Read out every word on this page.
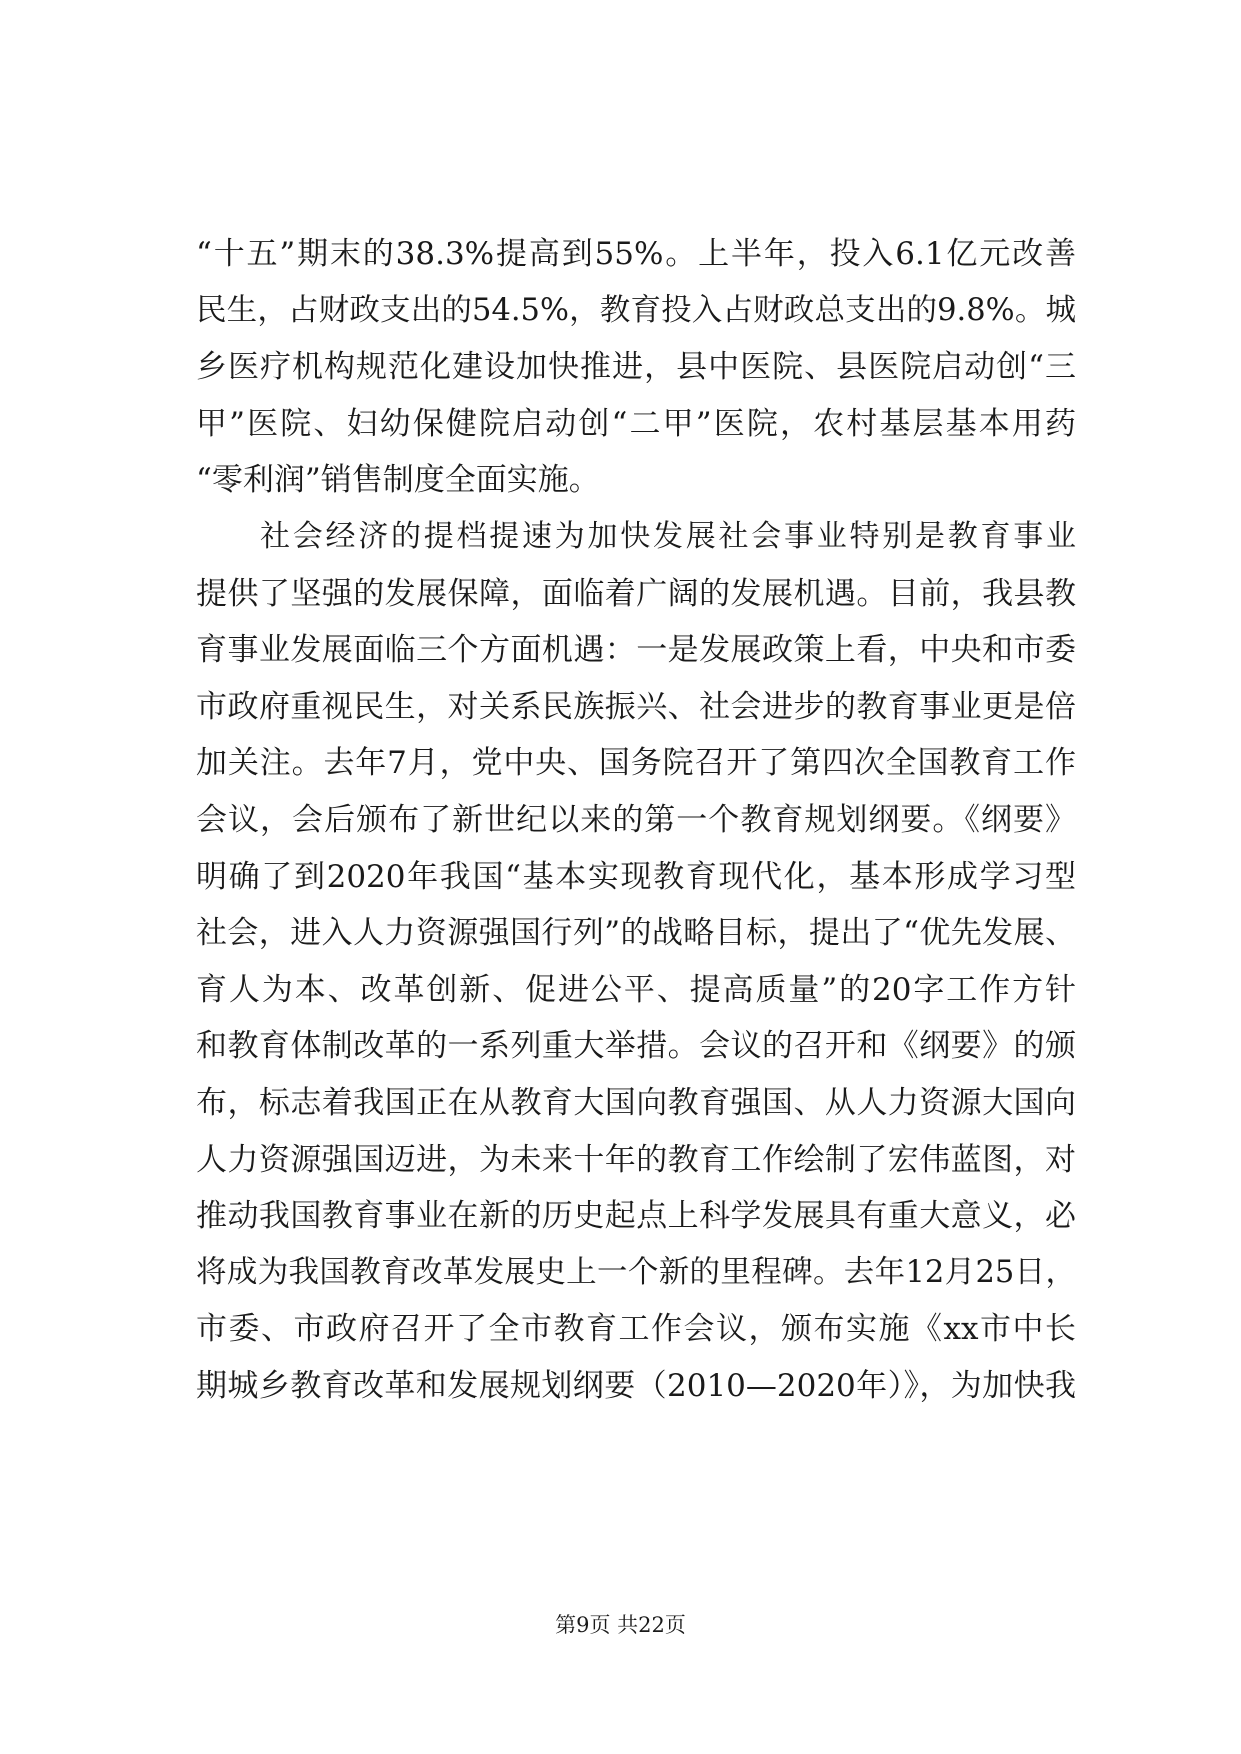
“十五”期末的38.3%提高到55%。上半年，投入6.1亿元改善
民生，占财政支出的54.5%，教育投入占财政总支出的9.8%。城
乡医疗机构规范化建设加快推进，县中医院、县医院启动创“三
甲”医院、妇幼保健院启动创“二甲”医院，农村基层基本用药
“零利润”销售制度全面实施。
社会经济的提档提速为加快发展社会事业特别是教育事业
提供了坚强的发展保障，面临着广阔的发展机遇。目前，我县教
育事业发展面临三个方面机遇：一是发展政策上看，中央和市委
市政府重视民生，对关系民族振兴、社会进步的教育事业更是倍
加关注。去年7月，党中央、国务院召开了第四次全国教育工作
会议，会后颁布了新世纪以来的第一个教育规划纲要。《纲要》
明确了到2020年我国“基本实现教育现代化，基本形成学习型
社会，进入人力资源强国行列”的战略目标，提出了“优先发展、
育人为本、改革创新、促进公平、提高质量”的20字工作方针
和教育体制改革的一系列重大举措。会议的召开和《纲要》的颁
布，标志着我国正在从教育大国向教育强国、从人力资源大国向
人力资源强国迈进，为未来十年的教育工作绘制了宏伟蓝图，对
推动我国教育事业在新的历史起点上科学发展具有重大意义，必
将成为我国教育改革发展史上一个新的里程碑。去年12月25日，
市委、市政府召开了全市教育工作会议，颁布实施《xx市中长
期城乡教育改革和发展规划纲要（2010—2020年）》，为加快我
第9页 共22页
